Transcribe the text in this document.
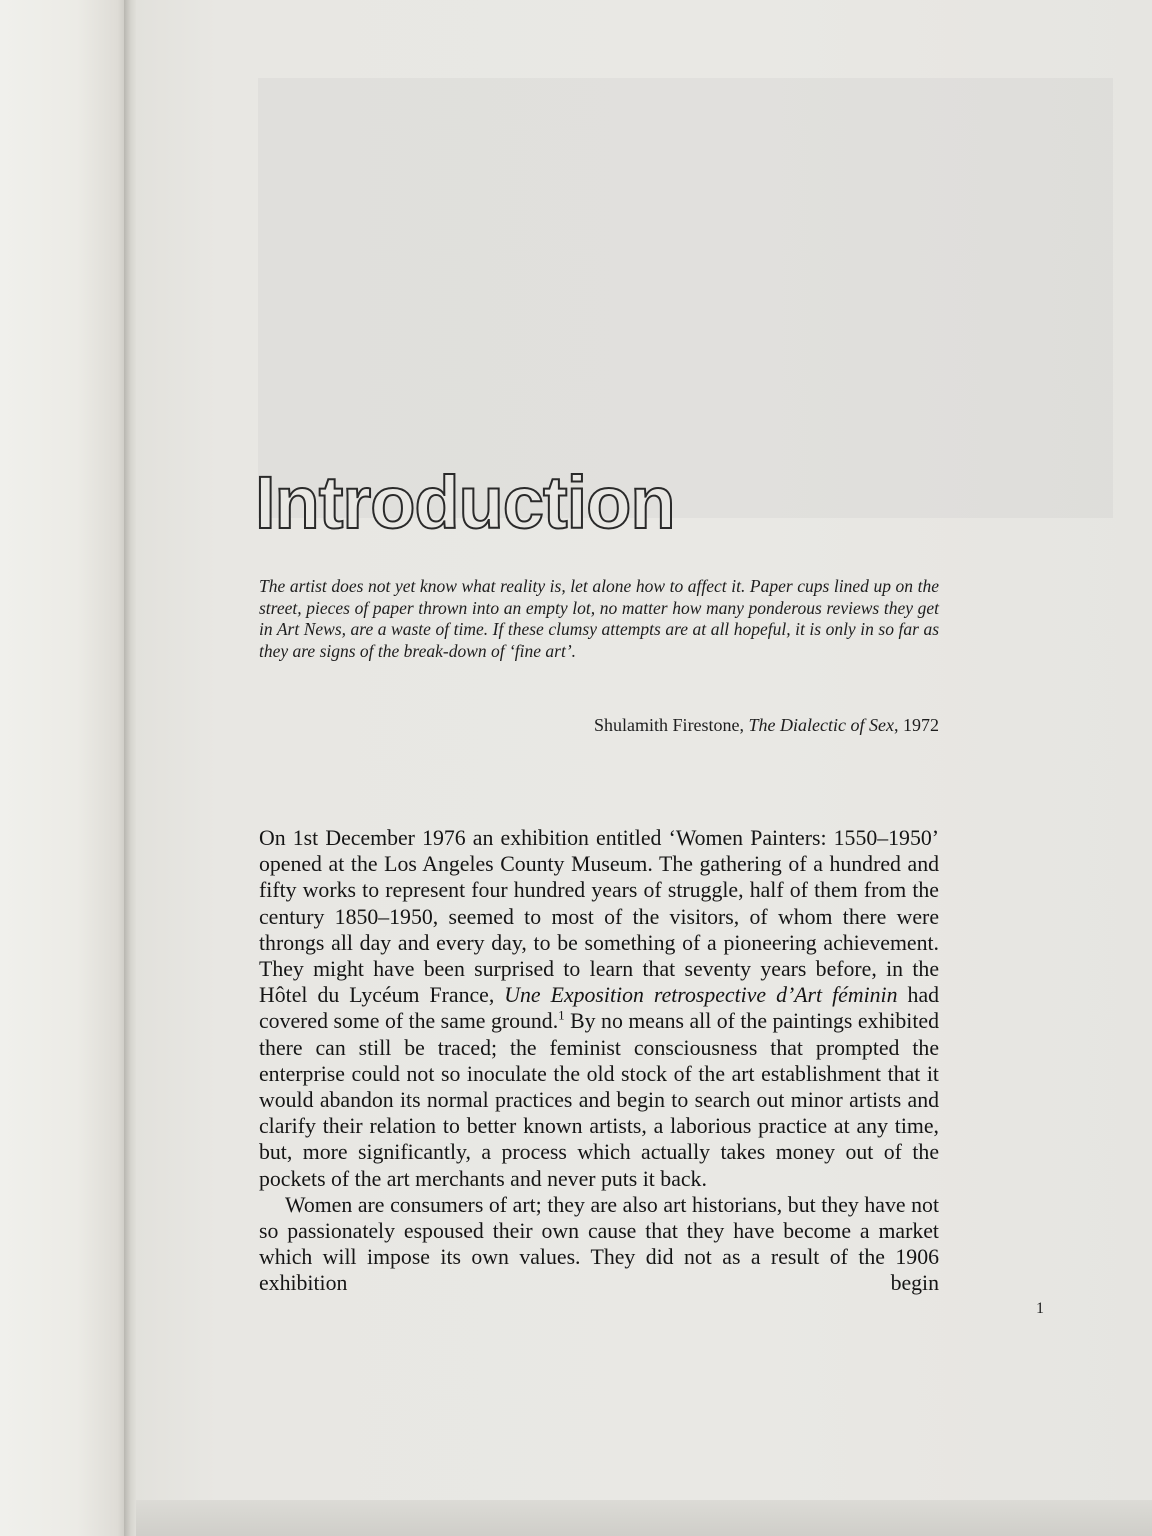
Introduction

The artist does not yet know what reality is, let alone how to affect it. Paper cups lined up on the street, pieces of paper thrown into an empty lot, no matter how many ponderous reviews they get in Art News, are a waste of time. If these clumsy attempts are at all hopeful, it is only in so far as they are signs of the break-down of ‘fine art’.

Shulamith Firestone, The Dialectic of Sex, 1972

On 1st December 1976 an exhibition entitled ‘Women Painters: 1550–1950’ opened at the Los Angeles County Museum. The gathering of a hundred and fifty works to represent four hundred years of struggle, half of them from the century 1850–1950, seemed to most of the visitors, of whom there were throngs all day and every day, to be something of a pioneering achievement. They might have been surprised to learn that seventy years before, in the Hôtel du Lycéum France, Une Exposition retrospective d’Art féminin had covered some of the same ground.$^1$ By no means all of the paintings exhibited there can still be traced; the feminist consciousness that prompted the enterprise could not so inoculate the old stock of the art establishment that it would abandon its normal practices and begin to search out minor artists and clarify their relation to better known artists, a laborious practice at any time, but, more significantly, a process which actually takes money out of the pockets of the art merchants and never puts it back.

Women are consumers of art; they are also art historians, but they have not so passionately espoused their own cause that they have become a market which will impose its own values. They did not as a result of the 1906 exhibition begin

1
